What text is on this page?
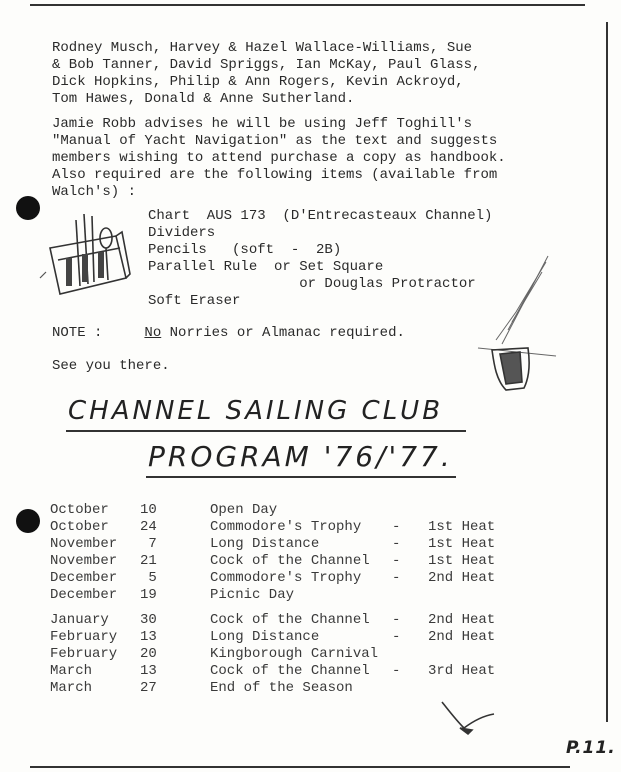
Rodney Musch, Harvey & Hazel Wallace-Williams, Sue
& Bob Tanner, David Spriggs, Ian McKay, Paul Glass,
Dick Hopkins, Philip & Ann Rogers, Kevin Ackroyd,
Tom Hawes, Donald & Anne Sutherland.
Jamie Robb advises he will be using Jeff Toghill's
"Manual of Yacht Navigation" as the text and suggests
members wishing to attend purchase a copy as handbook.
Also required are the following items (available from
Walch's) :
Chart  AUS 173  (D'Entrecasteaux Channel)
Dividers
Pencils   (soft  -  2B)
Parallel Rule  or Set Square
or Douglas Protractor
Soft Eraser
NOTE :	No Norries or Almanac required.
See you there.
CHANNEL SAILING CLUB
PROGRAM '76/'77.
October	10	Open Day		
October	24	Commodore's Trophy	-	1st Heat
November	7	Long Distance	-	1st Heat
November	21	Cock of the Channel	-	1st Heat
December	5	Commodore's Trophy	-	2nd Heat
December	19	Picnic Day		

January	30	Cock of the Channel	-	2nd Heat
February	13	Long Distance	-	2nd Heat
February	20	Kingborough Carnival		
March	13	Cock of the Channel	-	3rd Heat
March	27	End of the Season		
P.11.
